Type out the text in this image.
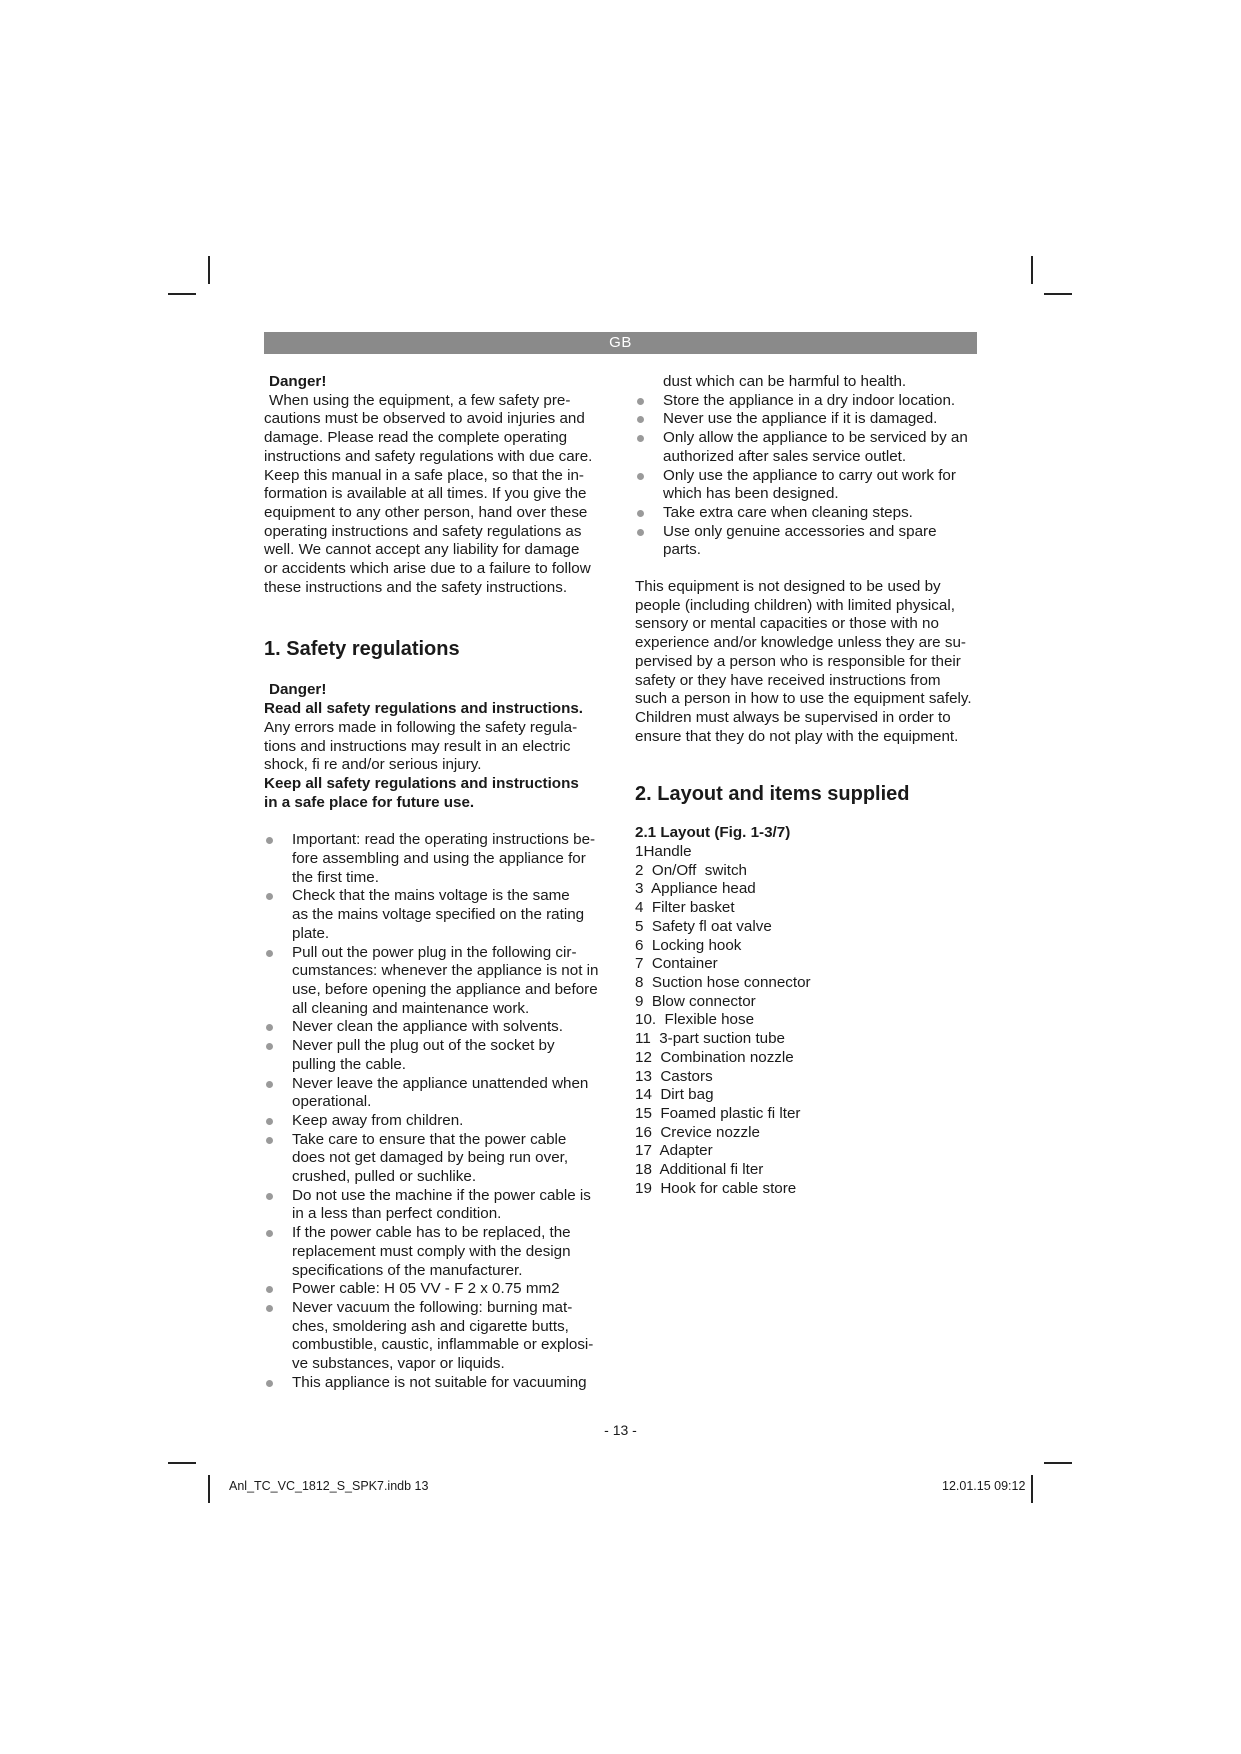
GB

Danger!

When using the equipment, a few safety pre-
cautions must be observed to avoid injuries and
damage. Please read the complete operating
instructions and safety regulations with due care.
Keep this manual in a safe place, so that the in-
formation is available at all times. If you give the
equipment to any other person, hand over these
operating instructions and safety regulations as
well. We cannot accept any liability for damage
or accidents which arise due to a failure to follow
these instructions and the safety instructions.
1. Safety regulations

Danger!

Read all safety regulations and instructions.

Any errors made in following the safety regula-
tions and instructions may result in an electric
shock, fi re and/or serious injury.
Keep all safety regulations and instructions
in a safe place for future use.
Important: read the operating instructions be-
fore assembling and using the appliance for
the first time.
Check that the mains voltage is the same
as the mains voltage specified on the rating
plate.
Pull out the power plug in the following cir-
cumstances: whenever the appliance is not in
use, before opening the appliance and before
all cleaning and maintenance work.
Never clean the appliance with solvents.
Never pull the plug out of the socket by
pulling the cable.
Never leave the appliance unattended when
operational.
Keep away from children.
Take care to ensure that the power cable
does not get damaged by being run over,
crushed, pulled or suchlike.
Do not use the machine if the power cable is
in a less than perfect condition.
If the power cable has to be replaced, the
replacement must comply with the design
specifications of the manufacturer.
Power cable: H 05 VV - F 2 x 0.75 mm2
Never vacuum the following: burning mat-
ches, smoldering ash and cigarette butts,
combustible, caustic, inflammable or explosi-
ve substances, vapor or liquids.
This appliance is not suitable for vacuuming
dust which can be harmful to health.
Store the appliance in a dry indoor location.
Never use the appliance if it is damaged.
Only allow the appliance to be serviced by an
authorized after sales service outlet.
Only use the appliance to carry out work for
which has been designed.
Take extra care when cleaning steps.
Use only genuine accessories and spare
parts.
This equipment is not designed to be used by
people (including children) with limited physical,
sensory or mental capacities or those with no
experience and/or knowledge unless they are su-
pervised by a person who is responsible for their
safety or they have received instructions from
such a person in how to use the equipment safely.
Children must always be supervised in order to
ensure that they do not play with the equipment.
2. Layout and items supplied

2.1 Layout (Fig. 1-3/7)

1Handle
2  On/Off  switch
3  Appliance head
4  Filter basket
5  Safety fl oat valve
6  Locking hook
7  Container
8  Suction hose connector
9  Blow connector
10.  Flexible hose
11  3-part suction tube
12  Combination nozzle
13  Castors
14  Dirt bag
15  Foamed plastic fi lter
16  Crevice nozzle
17  Adapter
18  Additional fi lter
19  Hook for cable store
- 13 -
Anl_TC_VC_1812_S_SPK7.indb 13	12.01.15 09:12
